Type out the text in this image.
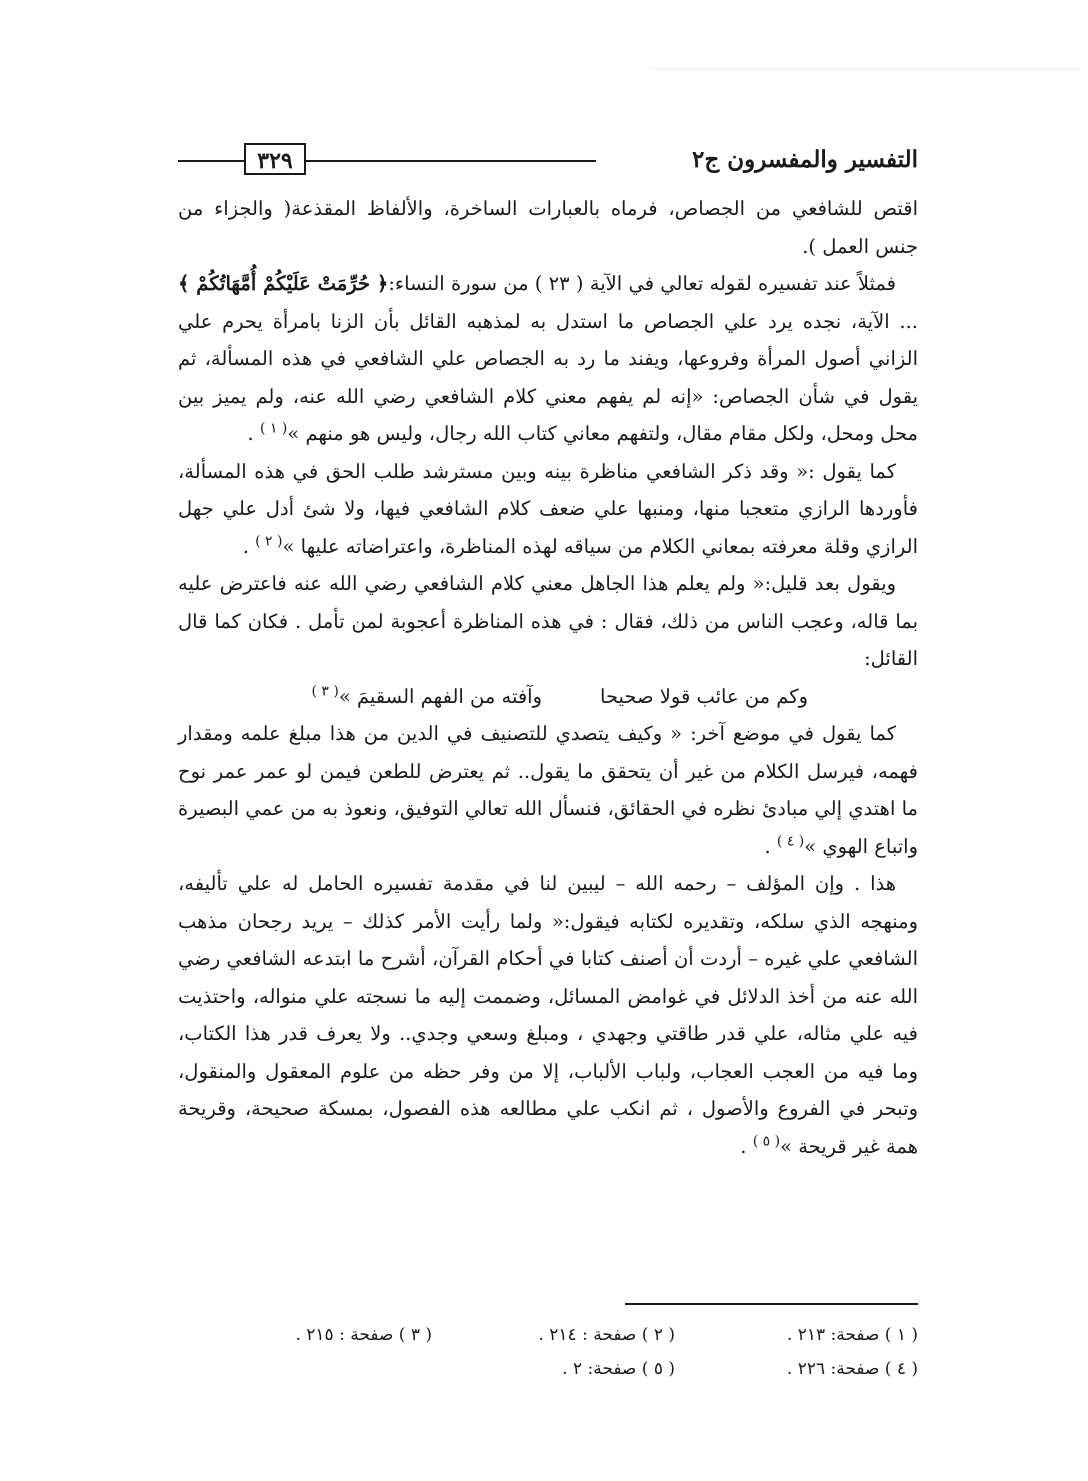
٣٢٩	التفسير والمفسرون ج٢

اقتص للشافعي من الجصاص، فرماه بالعبارات الساخرة، والألفاظ المقذعة( والجزاء من جنس العمل ).

فمثلاً عند تفسيره لقوله تعالي في الآية ( ٢٣ ) من سورة النساء:﴿ حُرِّمَتْ عَلَيْكُمْ أُمَّهَاتُكُمْ ﴾ ... الآية، نجده يرد علي الجصاص ما استدل به لمذهبه القائل بأن الزنا بامرأة يحرم علي الزاني أصول المرأة وفروعها، ويفند ما رد به الجصاص علي الشافعي في هذه المسألة، ثم يقول في شأن الجصاص: «إنه لم يفهم معني كلام الشافعي رضي الله عنه، ولم يميز بين محل ومحل، ولكل مقام مقال، ولتفهم معاني كتاب الله رجال، وليس هو منهم »$^{( ١ )}$ .

كما يقول :« وقد ذكر الشافعي مناظرة بينه وبين مسترشد طلب الحق في هذه المسألة، فأوردها الرازي متعجبا منها، ومنبها علي ضعف كلام الشافعي فيها، ولا شئ أدل علي جهل الرازي وقلة معرفته بمعاني الكلام من سياقه لهذه المناظرة، واعتراضاته عليها »$^{( ٢ )}$ .

ويقول بعد قليل:« ولم يعلم هذا الجاهل معني كلام الشافعي رضي الله عنه فاعترض عليه بما قاله، وعجب الناس من ذلك، فقال : في هذه المناظرة أعجوبة لمن تأمل . فكان كما قال القائل:

وكم من عائب قولا صحيحا
وآفته من الفهم السقيمَ »$^{( ٣ )}$

كما يقول في موضع آخر: « وكيف يتصدي للتصنيف في الدين من هذا مبلغ علمه ومقدار فهمه، فيرسل الكلام من غير أن يتحقق ما يقول.. ثم يعترض للطعن فيمن لو عمر عمر نوح ما اهتدي إلي مبادئ نظره في الحقائق، فنسأل الله تعالي التوفيق، ونعوذ به من عمي البصيرة واتباع الهوي »$^{( ٤ )}$ .

هذا . وإن المؤلف – رحمه الله – ليبين لنا في مقدمة تفسيره الحامل له علي تأليفه، ومنهجه الذي سلكه، وتقديره لكتابه فيقول:« ولما رأيت الأمر كذلك – يريد رجحان مذهب الشافعي علي غيره – أردت أن أصنف كتابا في أحكام القرآن، أشرح ما ابتدعه الشافعي رضي الله عنه من أخذ الدلائل في غوامض المسائل، وضممت إليه ما نسجته علي منواله، واحتذيت فيه علي مثاله، علي قدر طاقتي وجهدي ، ومبلغ وسعي وجدي.. ولا يعرف قدر هذا الكتاب، وما فيه من العجب العجاب، ولباب الألباب، إلا من وفر حظه من علوم المعقول والمنقول، وتبحر في الفروع والأصول ، ثم انكب علي مطالعه هذه الفصول، بمسكة صحيحة، وقريحة همة غير قريحة »$^{( ٥ )}$ .

( ١ ) صفحة: ٢١٣ .
( ٢ ) صفحة : ٢١٤ .
( ٣ ) صفحة : ٢١٥ .
( ٤ ) صفحة: ٢٢٦ .
( ٥ ) صفحة: ٢ .
